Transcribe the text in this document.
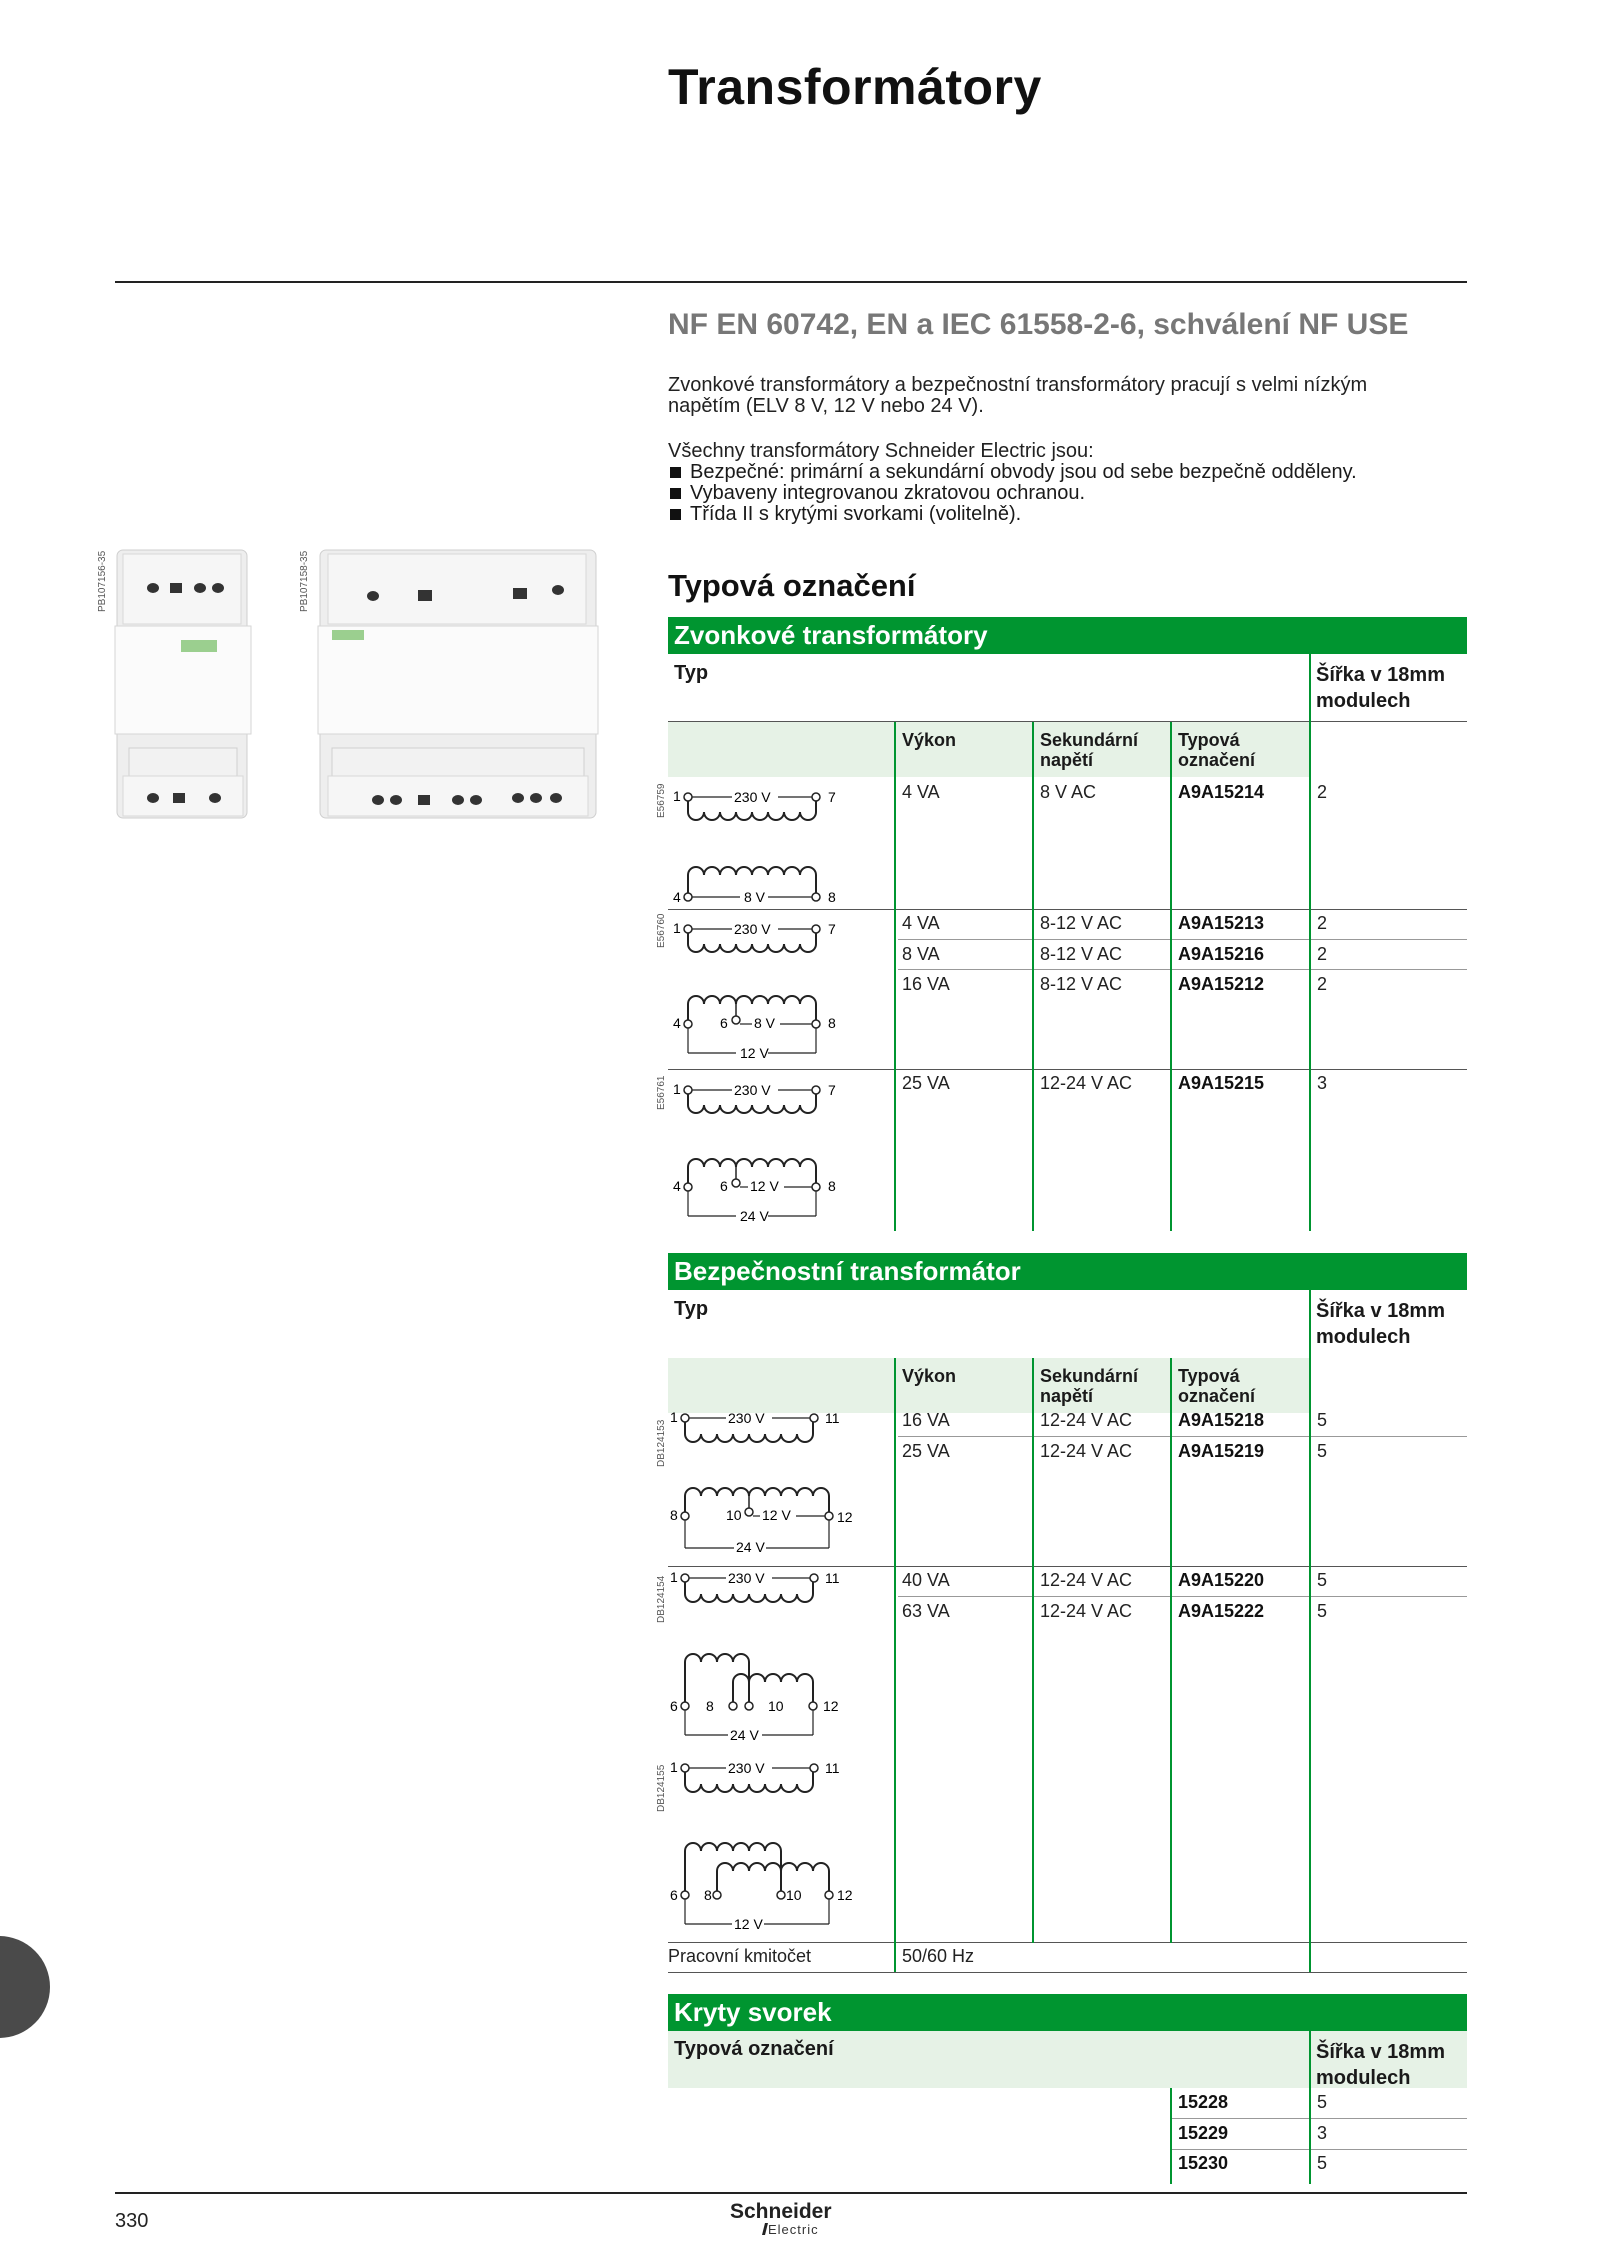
Transformátory
NF EN 60742, EN a IEC 61558-2-6, schválení NF USE
Zvonkové transformátory a bezpečnostní transformátory pracují s velmi nízkým
napětím (ELV 8 V, 12 V nebo 24 V).
Všechny transformátory Schneider Electric jsou:
Bezpečné: primární a sekundární obvody jsou od sebe bezpečně odděleny.
Vybaveny integrovanou zkratovou ochranou.
Třída II s krytými svorkami (volitelně).
Typová označení
PB107156-35	PB107158-35
Zvonkové transformátory
Typ	Šířka v 18mm
modulech
Výkon	Sekundární
napětí
Typová
označení
4 VA	8 V AC	A9A15214	2
4 VA	8-12 V AC	A9A15213	2
8 VA	8-12 V AC	A9A15216	2
16 VA	8-12 V AC	A9A15212	2
25 VA	12-24 V AC	A9A15215	3
E56759
E56760
E56761
1	230 V	7
4	8 V	8
1	230 V	7
4	6 8 V	8
12 V
1	230 V	7
4	6 12 V	8
24 V
Bezpečnostní transformátor
Typ	Šířka v 18mm
modulech
Výkon	Sekundární
napětí
Typová
označení
16 VA	12-24 V AC	A9A15218	5
25 VA	12-24 V AC	A9A15219	5
40 VA	12-24 V AC	A9A15220	5
63 VA	12-24 V AC	A9A15222	5
Pracovní kmitočet	50/60 Hz
DB124153
DB124154
DB124155
1	230 V	11
8	10 12 V	12
24 V
1	230 V	11
6 8	10	12
24 V
1	230 V	11
6 8	10	12
12 V
Kryty svorek
Typová označení	Šířka v 18mm
modulech
15228	5
15229	3
15230	5
330	Schneider
Electric
